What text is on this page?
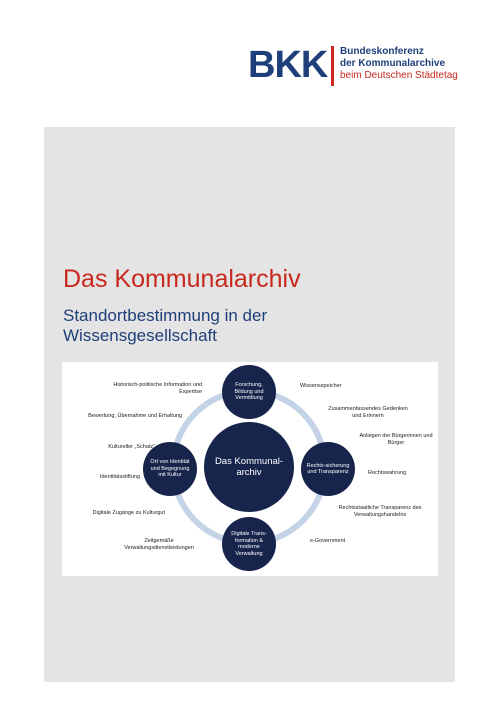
BKK Bundeskonferenz
der Kommunalarchive
beim Deutschen Städtetag
Das Kommunalarchiv
Standortbestimmung in der Wissensgesellschaft
Das Kommunal-archiv
Forschung, Bildung und Vermittlung
Rechts-sicherung und Transparenz
Digitale Trans-formation & moderne Verwaltung
Ort von Identität und Begegnung mit Kultur
Historisch-politische Information und Expertise
Bewertung, Übernahme und Erhaltung
Kultureller „Schatz“
Identitätsstiftung
Digitale Zugänge zu Kulturgut
Zeitgemäße Verwaltungsdienstleistungen
Wissensspeicher
Zusammenfassendes Gedenken und Erinnern
Anliegen der Bürgerinnen und Bürger
Rechtswahrung
Rechtsstaatliche Transparenz des Verwaltungshandelns
e-Government
